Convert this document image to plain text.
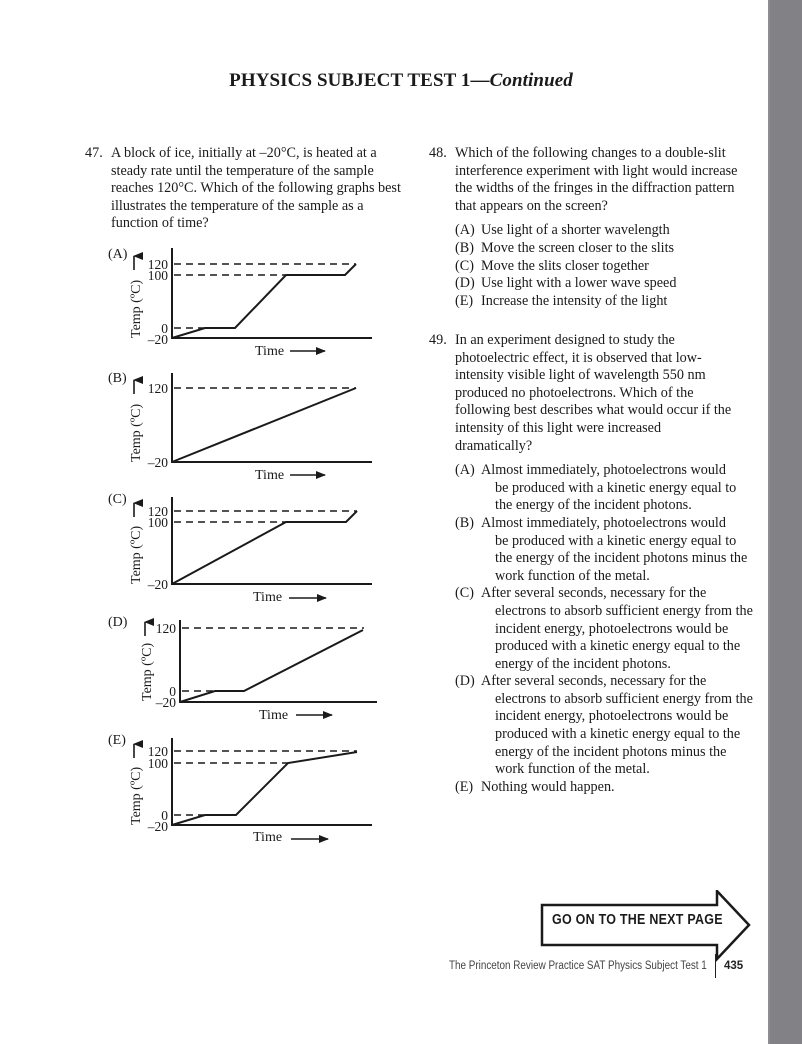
PHYSICS SUBJECT TEST 1—Continued
47. A block of ice, initially at –20°C, is heated at a steady rate until the temperature of the sample reaches 120°C. Which of the following graphs best illustrates the temperature of the sample as a function of time?
(A)
Temp (ºC)
120
100
0
–20
Time
(B)
Temp (ºC)
120
–20
Time
(C)
Temp (ºC)
120
100
–20
Time
(D)
Temp (ºC)
120
0
–20
Time
(E)
Temp (ºC)
120
100
0
–20
Time
48. Which of the following changes to a double-slit interference experiment with light would increase the widths of the fringes in the diffraction pattern that appears on the screen?
(A) Use light of a shorter wavelength
(B) Move the screen closer to the slits
(C) Move the slits closer together
(D) Use light with a lower wave speed
(E) Increase the intensity of the light
49. In an experiment designed to study the photoelectric effect, it is observed that low-intensity visible light of wavelength 550 nm produced no photoelectrons. Which of the following best describes what would occur if the intensity of this light were increased dramatically?
(A) Almost immediately, photoelectrons would
be produced with a kinetic energy equal to the energy of the incident photons.
(B) Almost immediately, photoelectrons would
be produced with a kinetic energy equal to the energy of the incident photons minus the work function of the metal.
(C) After several seconds, necessary for the
electrons to absorb sufficient energy from the incident energy, photoelectrons would be produced with a kinetic energy equal to the energy of the incident photons.
(D) After several seconds, necessary for the
electrons to absorb sufficient energy from the incident energy, photoelectrons would be produced with a kinetic energy equal to the energy of the incident photons minus the work function of the metal.
(E) Nothing would happen.
GO ON TO THE NEXT PAGE
The Princeton Review Practice SAT Physics Subject Test 1 435
